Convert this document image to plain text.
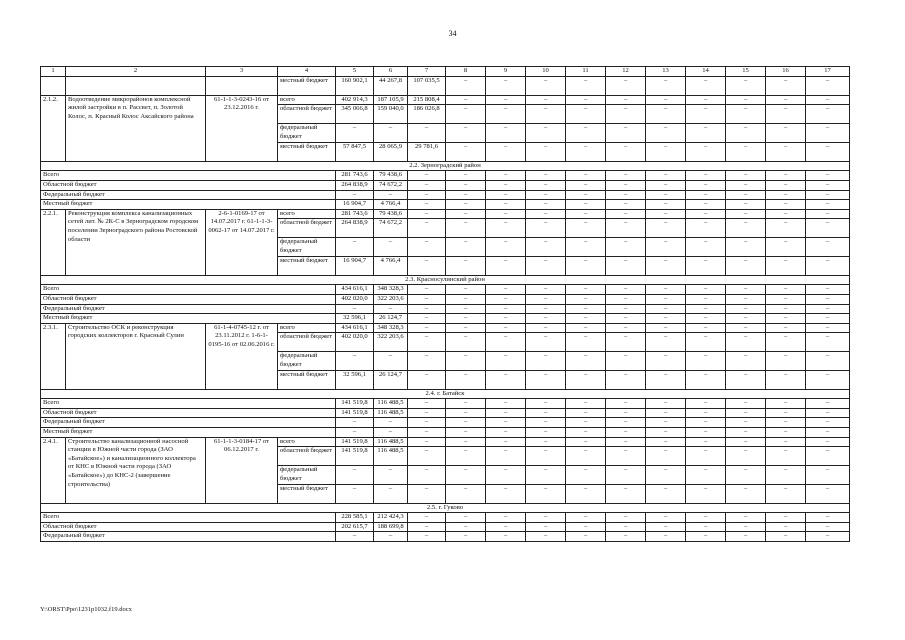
34
1	2	3	4	5	6	7	8	9	10	11	12	13	14	15	16	17
			местный бюджет	160 902,1	44 267,8	107 035,5	–	–	–	–	–	–	–	–	–	–
2.1.2.	Водоотведение микрорайонов комплексной жилой застройки в п. Рассвет, п. Золотой Колос, п. Красный Колос Аксайского района	61-1-1-3-0243-16 от 23.12.2016 г.	всего	402 914,3	187 105,9	215 808,4	–	–	–	–	–	–	–	–	–	–
			областной бюджет	345 066,8	159 040,0	186 026,8	–	–	–	–	–	–	–	–	–	–
			федеральный бюджет	–	–	–	–	–	–	–	–	–	–	–	–	–
			местный бюджет	57 847,5	28 065,9	29 781,6	–	–	–	–	–	–	–	–	–	–
2.2. Зерноградский район																
Всего				281 743,6	79 438,6	–	–	–	–	–	–	–	–	–	–	–
Областной бюджет				264 838,9	74 672,2	–	–	–	–	–	–	–	–	–	–	–
Федеральный бюджет				–	–	–	–	–	–	–	–	–	–	–	–	–
Местный бюджет				16 904,7	4 766,4	–	–	–	–	–	–	–	–	–	–	–
2.2.1.	Реконструкция комплекса канализационных сетей лит. № 2К-С в Зерноградском городском поселении Зерноградского района Ростовской области	2-6-1-0169-17 от 14.07.2017 г. 61-1-1-3-0062-17 от 14.07.2017 г.	всего	281 743,6	79 438,6	–	–	–	–	–	–	–	–	–	–	–
			областной бюджет	264 838,9	74 672,2	–	–	–	–	–	–	–	–	–	–	–
			федеральный бюджет	–	–	–	–	–	–	–	–	–	–	–	–	–
			местный бюджет	16 904,7	4 766,4	–	–	–	–	–	–	–	–	–	–	–
2.3. Красносулинский район																
Всего				434 616,1	348 328,3	–	–	–	–	–	–	–	–	–	–	–
Областной бюджет				402 020,0	322 203,6	–	–	–	–	–	–	–	–	–	–	–
Федеральный бюджет				–	–	–	–	–	–	–	–	–	–	–	–	–
Местный бюджет				32 596,1	26 124,7	–	–	–	–	–	–	–	–	–	–	–
2.3.1.	Строительство ОСК и реконструкция городских коллекторов г. Красный Сулин	61-1-4-0745-12 г. от 23.11.2012 г. 1-6-1-0195-16 от 02.06.2016 г.	всего	434 616,1	348 328,3	–	–	–	–	–	–	–	–	–	–	–
			областной бюджет	402 020,0	322 203,6	–	–	–	–	–	–	–	–	–	–	–
			федеральный бюджет	–	–	–	–	–	–	–	–	–	–	–	–	–
			местный бюджет	32 596,1	26 124,7	–	–	–	–	–	–	–	–	–	–	–
2.4. г. Батайск																
Всего				141 519,8	116 488,5	–	–	–	–	–	–	–	–	–	–	–
Областной бюджет				141 519,8	116 488,5	–	–	–	–	–	–	–	–	–	–	–
Федеральный бюджет				–	–	–	–	–	–	–	–	–	–	–	–	–
Местный бюджет				–	–	–	–	–	–	–	–	–	–	–	–	–
2.4.1.	Строительство канализационной насосной станции в Южной части города (ЗАО «Батайское») и канализационного коллектора от КНС в Южной части города (ЗАО «Батайское») до КНС-2 (завершение строительства)	61-1-1-3-0184-17 от 06.12.2017 г.	всего	141 519,8	116 488,5	–	–	–	–	–	–	–	–	–	–	–
			областной бюджет	141 519,8	116 488,5	–	–	–	–	–	–	–	–	–	–	–
			федеральный бюджет	–	–	–	–	–	–	–	–	–	–	–	–	–
			местный бюджет	–	–	–	–	–	–	–	–	–	–	–	–	–
2.5. г. Гуково																
Всего				228 585,1	212 424,3	–	–	–	–	–	–	–	–	–	–	–
Областной бюджет				202 615,7	188 699,8	–	–	–	–	–	–	–	–	–	–	–
Федеральный бюджет				–	–	–	–	–	–	–	–	–	–	–	–	–
Y:\ORST\Ppo\1231p1032.f19.docx
